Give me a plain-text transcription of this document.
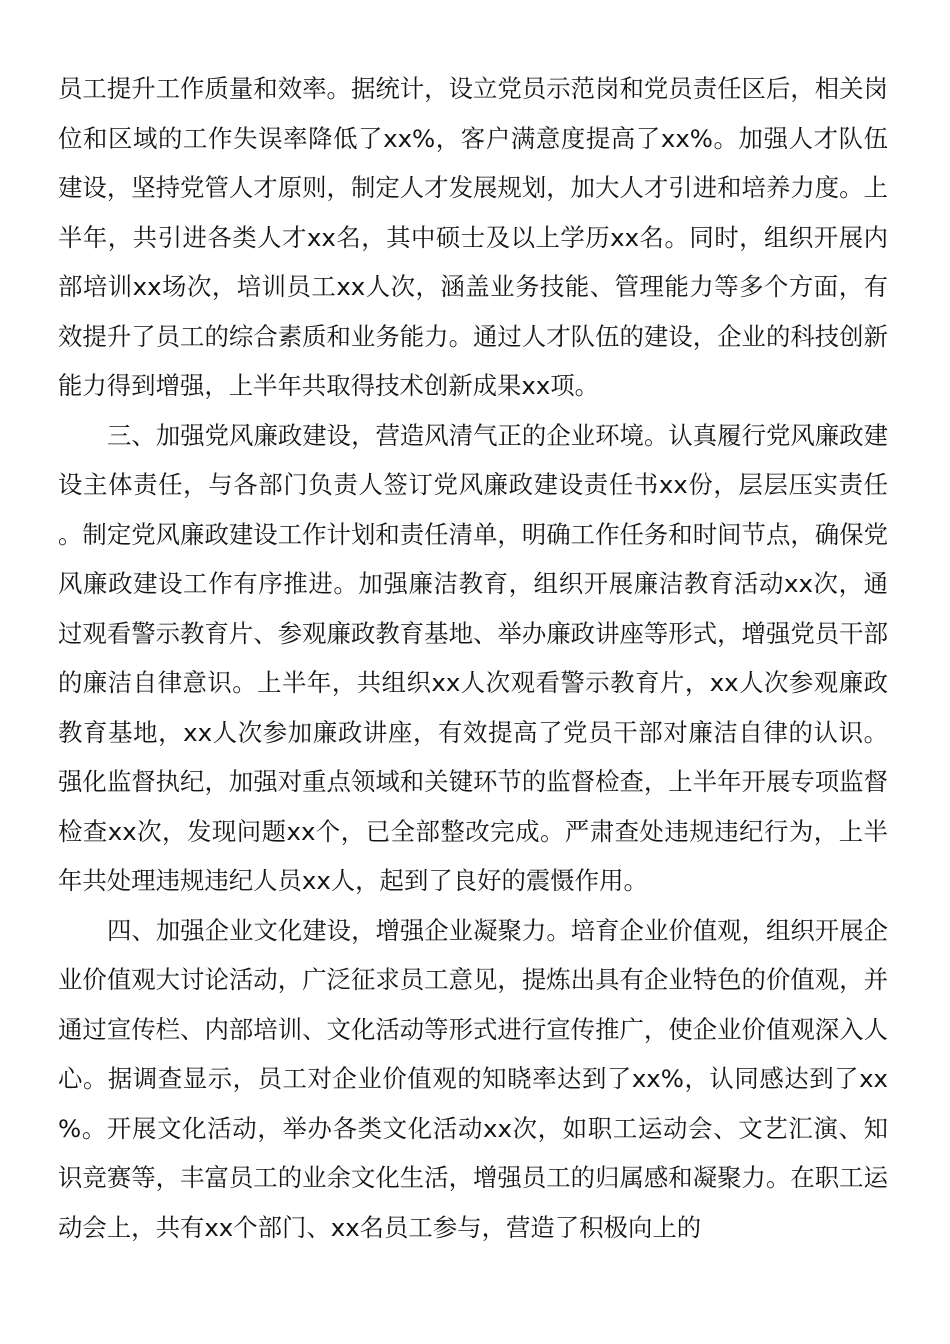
员工提升工作质量和效率。据统计，设立党员示范岗和党员责任区后，相关岗位和区域的工作失误率降低了xx%，客户满意度提高了xx%。加强人才队伍建设，坚持党管人才原则，制定人才发展规划，加大人才引进和培养力度。上半年，共引进各类人才xx名，其中硕士及以上学历xx名。同时，组织开展内部培训xx场次，培训员工xx人次，涵盖业务技能、管理能力等多个方面，有效提升了员工的综合素质和业务能力。通过人才队伍的建设，企业的科技创新能力得到增强，上半年共取得技术创新成果xx项。

三、加强党风廉政建设，营造风清气正的企业环境。认真履行党风廉政建设主体责任，与各部门负责人签订党风廉政建设责任书xx份，层层压实责任。制定党风廉政建设工作计划和责任清单，明确工作任务和时间节点，确保党风廉政建设工作有序推进。加强廉洁教育，组织开展廉洁教育活动xx次，通过观看警示教育片、参观廉政教育基地、举办廉政讲座等形式，增强党员干部的廉洁自律意识。上半年，共组织xx人次观看警示教育片，xx人次参观廉政教育基地，xx人次参加廉政讲座，有效提高了党员干部对廉洁自律的认识。强化监督执纪，加强对重点领域和关键环节的监督检查，上半年开展专项监督检查xx次，发现问题xx个，已全部整改完成。严肃查处违规违纪行为，上半年共处理违规违纪人员xx人，起到了良好的震慑作用。

四、加强企业文化建设，增强企业凝聚力。培育企业价值观，组织开展企业价值观大讨论活动，广泛征求员工意见，提炼出具有企业特色的价值观，并通过宣传栏、内部培训、文化活动等形式进行宣传推广，使企业价值观深入人心。据调查显示，员工对企业价值观的知晓率达到了xx%，认同感达到了xx%。开展文化活动，举办各类文化活动xx次，如职工运动会、文艺汇演、知识竞赛等，丰富员工的业余文化生活，增强员工的归属感和凝聚力。在职工运动会上，共有xx个部门、xx名员工参与，营造了积极向上的
